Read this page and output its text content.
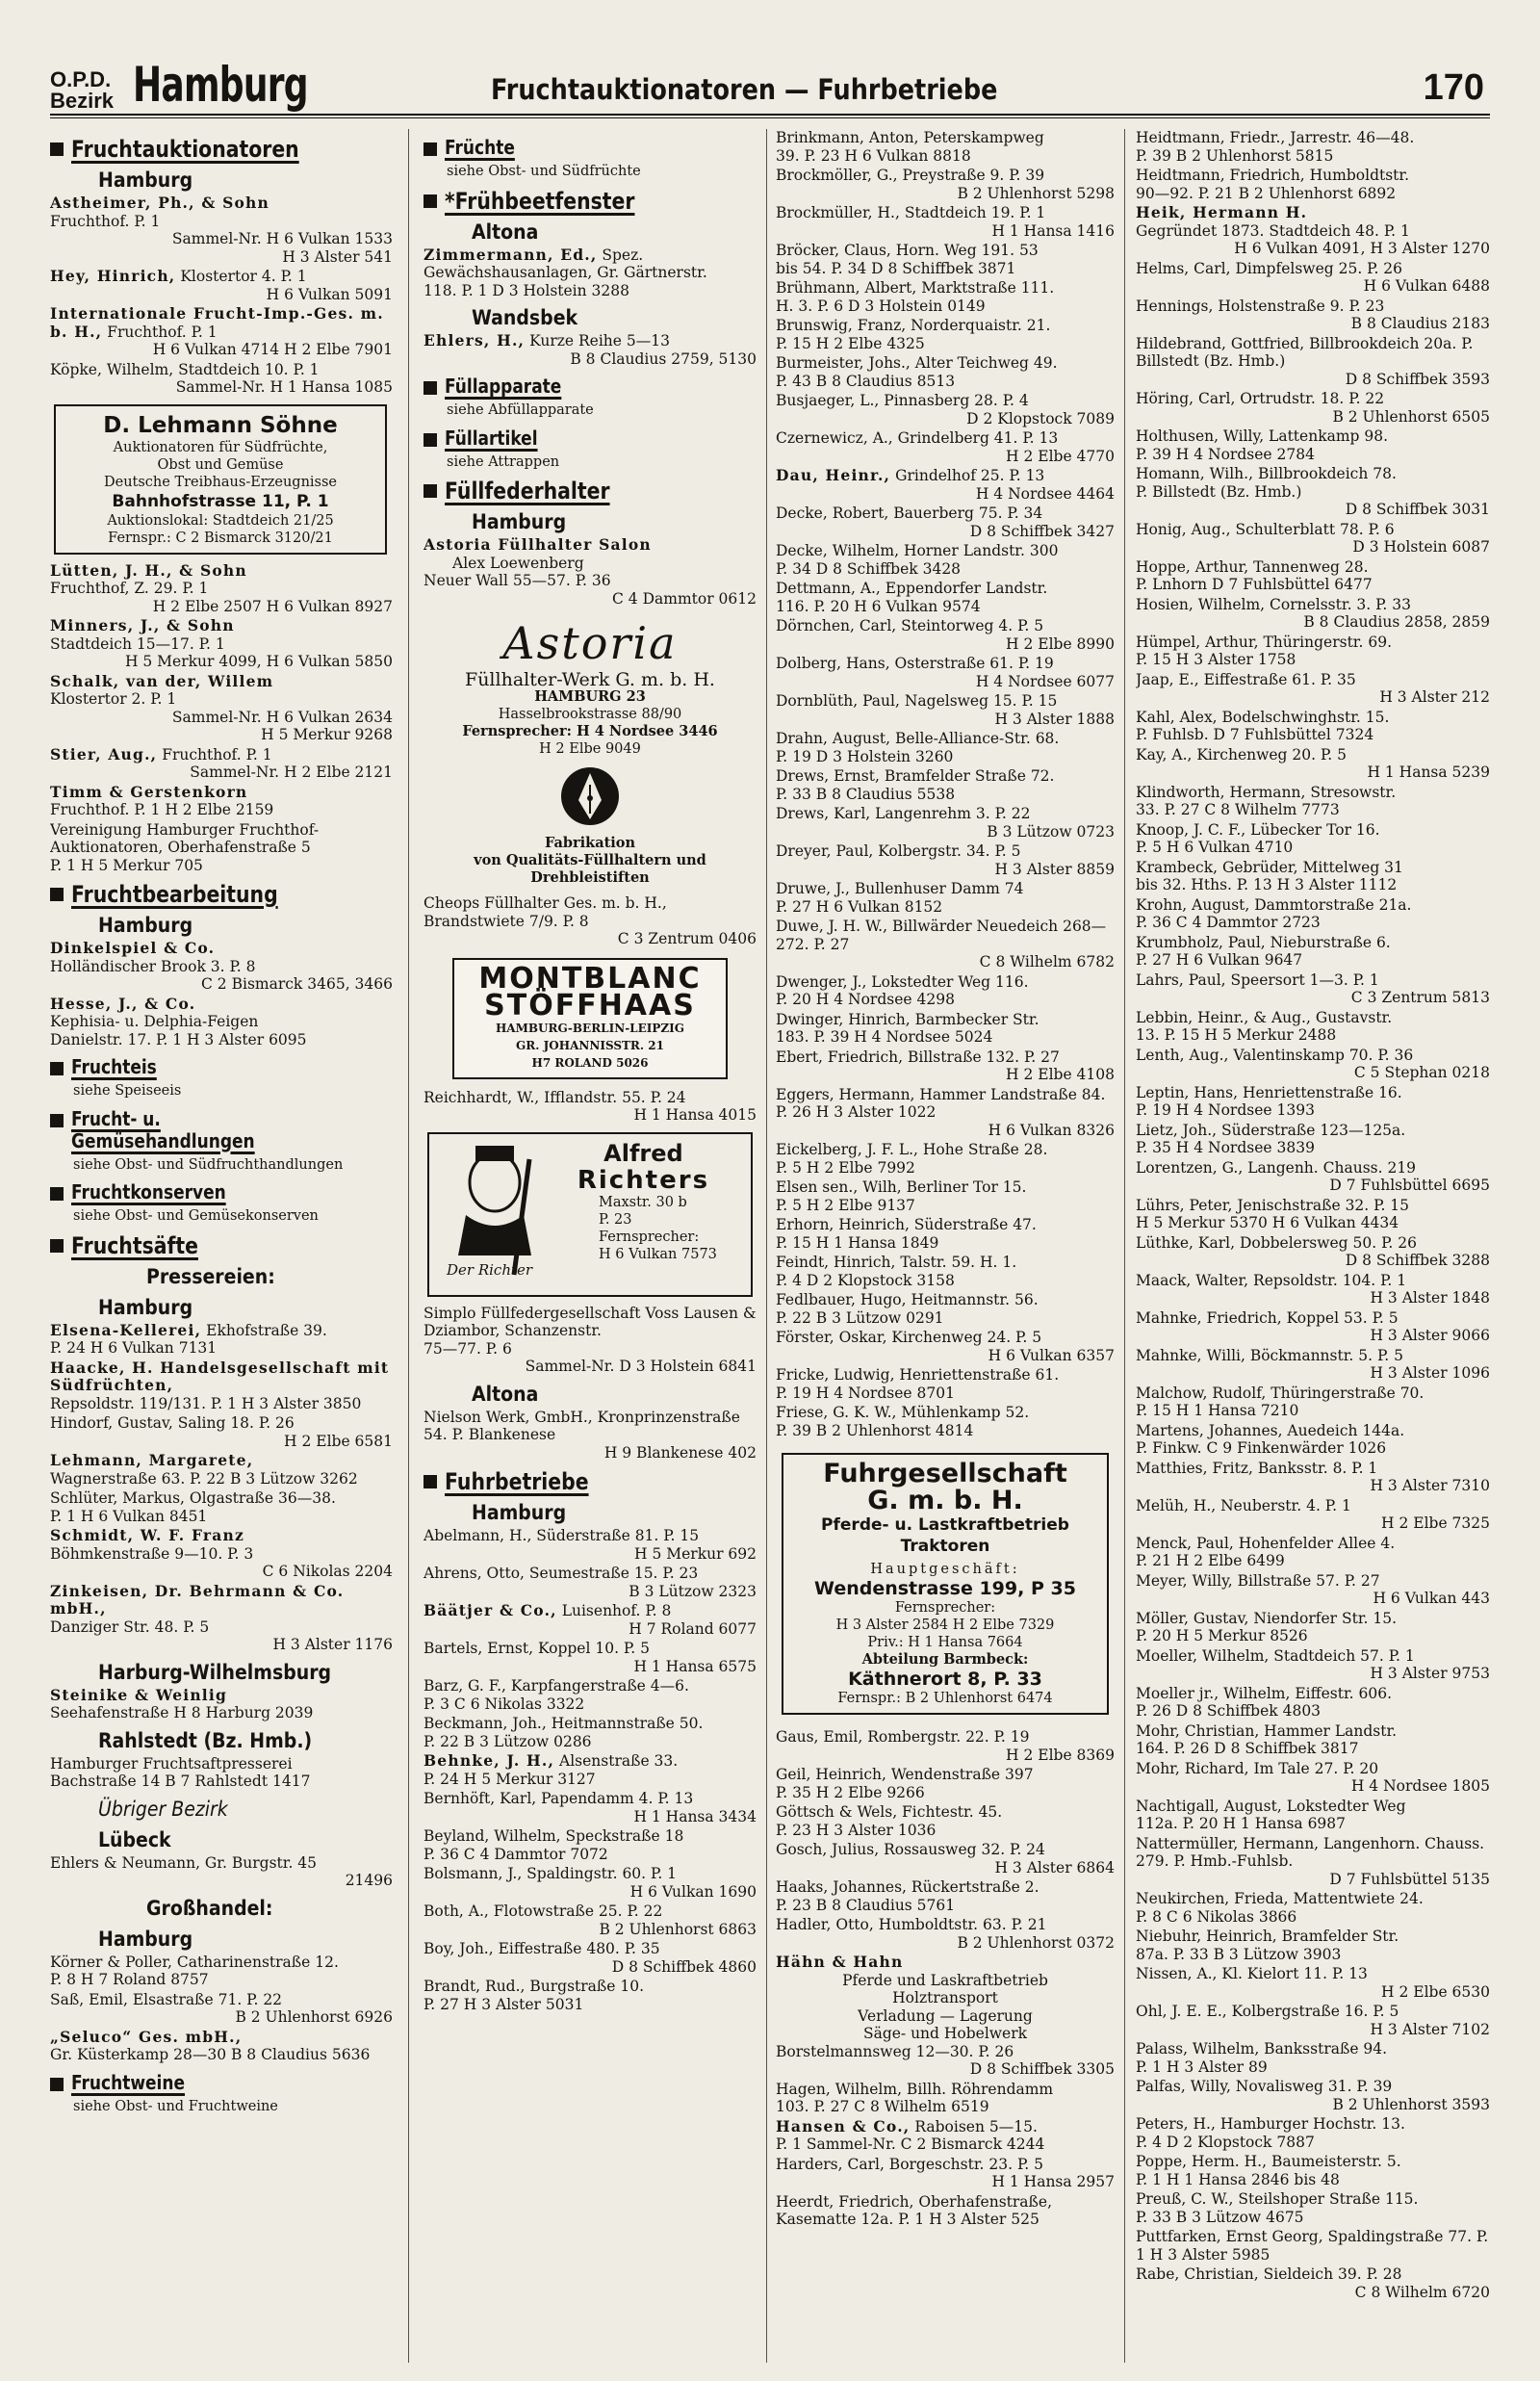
O.P.D.
Bezirk Hamburg	Fruchtauktionatoren — Fuhrbetriebe	170
Fruchtauktionatoren
Hamburg
Astheimer, Ph., & Sohn
Fruchthof. P. 1
Sammel-Nr. H 6 Vulkan 1533
H 3 Alster 541
Hey, Hinrich, Klostertor 4. P. 1
H 6 Vulkan 5091
Internationale Frucht-Imp.-Ges. m. b. H., Fruchthof. P. 1
H 6 Vulkan 4714 H 2 Elbe 7901
Köpke, Wilhelm, Stadtdeich 10. P. 1
Sammel-Nr. H 1 Hansa 1085
D. Lehmann Söhne
Auktionatoren für Südfrüchte,
Obst und Gemüse
Deutsche Treibhaus-Erzeugnisse
Bahnhofstrasse 11, P. 1
Auktionslokal: Stadtdeich 21/25
Fernspr.: C 2 Bismarck 3120/21
Lütten, J. H., & Sohn
Fruchthof, Z. 29. P. 1
H 2 Elbe 2507 H 6 Vulkan 8927
Minners, J., & Sohn
Stadtdeich 15—17. P. 1
H 5 Merkur 4099, H 6 Vulkan 5850
Schalk, van der, Willem
Klostertor 2. P. 1
Sammel-Nr. H 6 Vulkan 2634
H 5 Merkur 9268
Stier, Aug., Fruchthof. P. 1
Sammel-Nr. H 2 Elbe 2121
Timm & Gerstenkorn
Fruchthof. P. 1 H 2 Elbe 2159
Vereinigung Hamburger Fruchthof-Auktionatoren, Oberhafenstraße 5
P. 1 H 5 Merkur 705
Fruchtbearbeitung
Hamburg
Dinkelspiel & Co.
Holländischer Brook 3. P. 8
C 2 Bismarck 3465, 3466
Hesse, J., & Co.
Kephisia- u. Delphia-Feigen
Danielstr. 17. P. 1 H 3 Alster 6095
Fruchteis
siehe Speiseeis
Frucht- u. Gemüsehandlungen
siehe Obst- und Südfruchthandlungen
Fruchtkonserven
siehe Obst- und Gemüsekonserven
Fruchtsäfte
Pressereien:
Hamburg
Elsena-Kellerei, Ekhofstraße 39.
P. 24 H 6 Vulkan 7131
Haacke, H. Handelsgesellschaft mit Südfrüchten,
Repsoldstr. 119/131. P. 1 H 3 Alster 3850
Hindorf, Gustav, Saling 18. P. 26
H 2 Elbe 6581
Lehmann, Margarete,
Wagnerstraße 63. P. 22 B 3 Lützow 3262
Schlüter, Markus, Olgastraße 36—38.
P. 1 H 6 Vulkan 8451
Schmidt, W. F. Franz
Böhmkenstraße 9—10. P. 3
C 6 Nikolas 2204
Zinkeisen, Dr. Behrmann & Co. mbH.,
Danziger Str. 48. P. 5
H 3 Alster 1176
Harburg-Wilhelmsburg
Steinike & Weinlig
Seehafenstraße H 8 Harburg 2039
Rahlstedt (Bz. Hmb.)
Hamburger Fruchtsaftpresserei
Bachstraße 14 B 7 Rahlstedt 1417
Übriger Bezirk
Lübeck
Ehlers & Neumann, Gr. Burgstr. 45
21496
Großhandel:
Hamburg
Körner & Poller, Catharinenstraße 12.
P. 8 H 7 Roland 8757
Saß, Emil, Elsastraße 71. P. 22
B 2 Uhlenhorst 6926
„Seluco“ Ges. mbH.,
Gr. Küsterkamp 28—30 B 8 Claudius 5636
Fruchtweine
siehe Obst- und Fruchtweine
Früchte
siehe Obst- und Südfrüchte
*Frühbeetfenster
Altona
Zimmermann, Ed., Spez. Gewächshausanlagen, Gr. Gärtnerstr.
118. P. 1 D 3 Holstein 3288
Wandsbek
Ehlers, H., Kurze Reihe 5—13
B 8 Claudius 2759, 5130
Füllapparate
siehe Abfüllapparate
Füllartikel
siehe Attrappen
Füllfederhalter
Hamburg
Astoria Füllhalter Salon
Alex Loewenberg
Neuer Wall 55—57. P. 36
C 4 Dammtor 0612
Astoria
Füllhalter-Werk G. m. b. H.
HAMBURG 23
Hasselbrookstrasse 88/90
Fernsprecher: H 4 Nordsee 3446
H 2 Elbe 9049
Fabrikation
von Qualitäts-Füllhaltern und
Drehbleistiften
Cheops Füllhalter Ges. m. b. H.,
Brandstwiete 7/9. P. 8
C 3 Zentrum 0406
MONTBLANC
STÖFFHAAS
HAMBURG-BERLIN-LEIPZIG
GR. JOHANNISSTR. 21
H7 ROLAND 5026
Reichhardt, W., Ifflandstr. 55. P. 24
H 1 Hansa 4015
Der Richter
Alfred
Richters
Maxstr. 30 b
P. 23
Fernsprecher:
H 6 Vulkan 7573
Simplo Füllfedergesellschaft Voss Lausen & Dziambor, Schanzenstr.
75—77. P. 6
Sammel-Nr. D 3 Holstein 6841
Altona
Nielson Werk, GmbH., Kronprinzenstraße 54. P. Blankenese
H 9 Blankenese 402
Fuhrbetriebe
Hamburg
Abelmann, H., Süderstraße 81. P. 15
H 5 Merkur 692
Ahrens, Otto, Seumestraße 15. P. 23
B 3 Lützow 2323
Bäätjer & Co., Luisenhof. P. 8
H 7 Roland 6077
Bartels, Ernst, Koppel 10. P. 5
H 1 Hansa 6575
Barz, G. F., Karpfangerstraße 4—6.
P. 3 C 6 Nikolas 3322
Beckmann, Joh., Heitmannstraße 50.
P. 22 B 3 Lützow 0286
Behnke, J. H., Alsenstraße 33.
P. 24 H 5 Merkur 3127
Bernhöft, Karl, Papendamm 4. P. 13
H 1 Hansa 3434
Beyland, Wilhelm, Speckstraße 18
P. 36 C 4 Dammtor 7072
Bolsmann, J., Spaldingstr. 60. P. 1
H 6 Vulkan 1690
Both, A., Flotowstraße 25. P. 22
B 2 Uhlenhorst 6863
Boy, Joh., Eiffestraße 480. P. 35
D 8 Schiffbek 4860
Brandt, Rud., Burgstraße 10.
P. 27 H 3 Alster 5031
Brinkmann, Anton, Peterskampweg
39. P. 23 H 6 Vulkan 8818
Brockmöller, G., Preystraße 9. P. 39
B 2 Uhlenhorst 5298
Brockmüller, H., Stadtdeich 19. P. 1
H 1 Hansa 1416
Bröcker, Claus, Horn. Weg 191. 53
bis 54. P. 34 D 8 Schiffbek 3871
Brühmann, Albert, Marktstraße 111.
H. 3. P. 6 D 3 Holstein 0149
Brunswig, Franz, Norderquaistr. 21.
P. 15 H 2 Elbe 4325
Burmeister, Johs., Alter Teichweg 49.
P. 43 B 8 Claudius 8513
Busjaeger, L., Pinnasberg 28. P. 4
D 2 Klopstock 7089
Czernewicz, A., Grindelberg 41. P. 13
H 2 Elbe 4770
Dau, Heinr., Grindelhof 25. P. 13
H 4 Nordsee 4464
Decke, Robert, Bauerberg 75. P. 34
D 8 Schiffbek 3427
Decke, Wilhelm, Horner Landstr. 300
P. 34 D 8 Schiffbek 3428
Dettmann, A., Eppendorfer Landstr.
116. P. 20 H 6 Vulkan 9574
Dörnchen, Carl, Steintorweg 4. P. 5
H 2 Elbe 8990
Dolberg, Hans, Osterstraße 61. P. 19
H 4 Nordsee 6077
Dornblüth, Paul, Nagelsweg 15. P. 15
H 3 Alster 1888
Drahn, August, Belle-Alliance-Str. 68.
P. 19 D 3 Holstein 3260
Drews, Ernst, Bramfelder Straße 72.
P. 33 B 8 Claudius 5538
Drews, Karl, Langenrehm 3. P. 22
B 3 Lützow 0723
Dreyer, Paul, Kolbergstr. 34. P. 5
H 3 Alster 8859
Druwe, J., Bullenhuser Damm 74
P. 27 H 6 Vulkan 8152
Duwe, J. H. W., Billwärder Neuedeich 268—272. P. 27
C 8 Wilhelm 6782
Dwenger, J., Lokstedter Weg 116.
P. 20 H 4 Nordsee 4298
Dwinger, Hinrich, Barmbecker Str.
183. P. 39 H 4 Nordsee 5024
Ebert, Friedrich, Billstraße 132. P. 27
H 2 Elbe 4108
Eggers, Hermann, Hammer Landstraße 84. P. 26 H 3 Alster 1022
H 6 Vulkan 8326
Eickelberg, J. F. L., Hohe Straße 28.
P. 5 H 2 Elbe 7992
Elsen sen., Wilh, Berliner Tor 15.
P. 5 H 2 Elbe 9137
Erhorn, Heinrich, Süderstraße 47.
P. 15 H 1 Hansa 1849
Feindt, Hinrich, Talstr. 59. H. 1.
P. 4 D 2 Klopstock 3158
Fedlbauer, Hugo, Heitmannstr. 56.
P. 22 B 3 Lützow 0291
Förster, Oskar, Kirchenweg 24. P. 5
H 6 Vulkan 6357
Fricke, Ludwig, Henriettenstraße 61.
P. 19 H 4 Nordsee 8701
Friese, G. K. W., Mühlenkamp 52.
P. 39 B 2 Uhlenhorst 4814
Fuhrgesellschaft
G. m. b. H.
Pferde- u. Lastkraftbetrieb
Traktoren
Hauptgeschäft:
Wendenstrasse 199, P 35
Fernsprecher:
H 3 Alster 2584 H 2 Elbe 7329
Priv.: H 1 Hansa 7664
Abteilung Barmbeck:
Käthnerort 8, P. 33
Fernspr.: B 2 Uhlenhorst 6474
Gaus, Emil, Rombergstr. 22. P. 19
H 2 Elbe 8369
Geil, Heinrich, Wendenstraße 397
P. 35 H 2 Elbe 9266
Göttsch & Wels, Fichtestr. 45.
P. 23 H 3 Alster 1036
Gosch, Julius, Rossausweg 32. P. 24
H 3 Alster 6864
Haaks, Johannes, Rückertstraße 2.
P. 23 B 8 Claudius 5761
Hadler, Otto, Humboldtstr. 63. P. 21
B 2 Uhlenhorst 0372
Hähn & Hahn
Pferde und Laskraftbetrieb
Holztransport
Verladung — Lagerung
Säge- und Hobelwerk
Borstelmannsweg 12—30. P. 26
D 8 Schiffbek 3305
Hagen, Wilhelm, Billh. Röhrendamm
103. P. 27 C 8 Wilhelm 6519
Hansen & Co., Raboisen 5—15.
P. 1 Sammel-Nr. C 2 Bismarck 4244
Harders, Carl, Borgeschstr. 23. P. 5
H 1 Hansa 2957
Heerdt, Friedrich, Oberhafenstraße,
Kasematte 12a. P. 1 H 3 Alster 525
Heidtmann, Friedr., Jarrestr. 46—48.
P. 39 B 2 Uhlenhorst 5815
Heidtmann, Friedrich, Humboldtstr.
90—92. P. 21 B 2 Uhlenhorst 6892
Heik, Hermann H.
Gegründet 1873. Stadtdeich 48. P. 1
H 6 Vulkan 4091, H 3 Alster 1270
Helms, Carl, Dimpfelsweg 25. P. 26
H 6 Vulkan 6488
Hennings, Holstenstraße 9. P. 23
B 8 Claudius 2183
Hildebrand, Gottfried, Billbrookdeich 20a. P. Billstedt (Bz. Hmb.)
D 8 Schiffbek 3593
Höring, Carl, Ortrudstr. 18. P. 22
B 2 Uhlenhorst 6505
Holthusen, Willy, Lattenkamp 98.
P. 39 H 4 Nordsee 2784
Homann, Wilh., Billbrookdeich 78.
P. Billstedt (Bz. Hmb.)
D 8 Schiffbek 3031
Honig, Aug., Schulterblatt 78. P. 6
D 3 Holstein 6087
Hoppe, Arthur, Tannenweg 28.
P. Lnhorn D 7 Fuhlsbüttel 6477
Hosien, Wilhelm, Cornelsstr. 3. P. 33
B 8 Claudius 2858, 2859
Hümpel, Arthur, Thüringerstr. 69.
P. 15 H 3 Alster 1758
Jaap, E., Eiffestraße 61. P. 35
H 3 Alster 212
Kahl, Alex, Bodelschwinghstr. 15.
P. Fuhlsb. D 7 Fuhlsbüttel 7324
Kay, A., Kirchenweg 20. P. 5
H 1 Hansa 5239
Klindworth, Hermann, Stresowstr.
33. P. 27 C 8 Wilhelm 7773
Knoop, J. C. F., Lübecker Tor 16.
P. 5 H 6 Vulkan 4710
Krambeck, Gebrüder, Mittelweg 31
bis 32. Hths. P. 13 H 3 Alster 1112
Krohn, August, Dammtorstraße 21a.
P. 36 C 4 Dammtor 2723
Krumbholz, Paul, Nieburstraße 6.
P. 27 H 6 Vulkan 9647
Lahrs, Paul, Speersort 1—3. P. 1
C 3 Zentrum 5813
Lebbin, Heinr., & Aug., Gustavstr.
13. P. 15 H 5 Merkur 2488
Lenth, Aug., Valentinskamp 70. P. 36
C 5 Stephan 0218
Leptin, Hans, Henriettenstraße 16.
P. 19 H 4 Nordsee 1393
Lietz, Joh., Süderstraße 123—125a.
P. 35 H 4 Nordsee 3839
Lorentzen, G., Langenh. Chauss. 219
D 7 Fuhlsbüttel 6695
Lührs, Peter, Jenischstraße 32. P. 15
H 5 Merkur 5370 H 6 Vulkan 4434
Lüthke, Karl, Dobbelersweg 50. P. 26
D 8 Schiffbek 3288
Maack, Walter, Repsoldstr. 104. P. 1
H 3 Alster 1848
Mahnke, Friedrich, Koppel 53. P. 5
H 3 Alster 9066
Mahnke, Willi, Böckmannstr. 5. P. 5
H 3 Alster 1096
Malchow, Rudolf, Thüringerstraße 70.
P. 15 H 1 Hansa 7210
Martens, Johannes, Auedeich 144a.
P. Finkw. C 9 Finkenwärder 1026
Matthies, Fritz, Banksstr. 8. P. 1
H 3 Alster 7310
Melüh, H., Neuberstr. 4. P. 1
H 2 Elbe 7325
Menck, Paul, Hohenfelder Allee 4.
P. 21 H 2 Elbe 6499
Meyer, Willy, Billstraße 57. P. 27
H 6 Vulkan 443
Möller, Gustav, Niendorfer Str. 15.
P. 20 H 5 Merkur 8526
Moeller, Wilhelm, Stadtdeich 57. P. 1
H 3 Alster 9753
Moeller jr., Wilhelm, Eiffestr. 606.
P. 26 D 8 Schiffbek 4803
Mohr, Christian, Hammer Landstr.
164. P. 26 D 8 Schiffbek 3817
Mohr, Richard, Im Tale 27. P. 20
H 4 Nordsee 1805
Nachtigall, August, Lokstedter Weg
112a. P. 20 H 1 Hansa 6987
Nattermüller, Hermann, Langenhorn. Chauss. 279. P. Hmb.-Fuhlsb.
D 7 Fuhlsbüttel 5135
Neukirchen, Frieda, Mattentwiete 24.
P. 8 C 6 Nikolas 3866
Niebuhr, Heinrich, Bramfelder Str.
87a. P. 33 B 3 Lützow 3903
Nissen, A., Kl. Kielort 11. P. 13
H 2 Elbe 6530
Ohl, J. E. E., Kolbergstraße 16. P. 5
H 3 Alster 7102
Palass, Wilhelm, Banksstraße 94.
P. 1 H 3 Alster 89
Palfas, Willy, Novalisweg 31. P. 39
B 2 Uhlenhorst 3593
Peters, H., Hamburger Hochstr. 13.
P. 4 D 2 Klopstock 7887
Poppe, Herm. H., Baumeisterstr. 5.
P. 1 H 1 Hansa 2846 bis 48
Preuß, C. W., Steilshoper Straße 115.
P. 33 B 3 Lützow 4675
Puttfarken, Ernst Georg, Spaldingstraße 77. P. 1 H 3 Alster 5985
Rabe, Christian, Sieldeich 39. P. 28
C 8 Wilhelm 6720
